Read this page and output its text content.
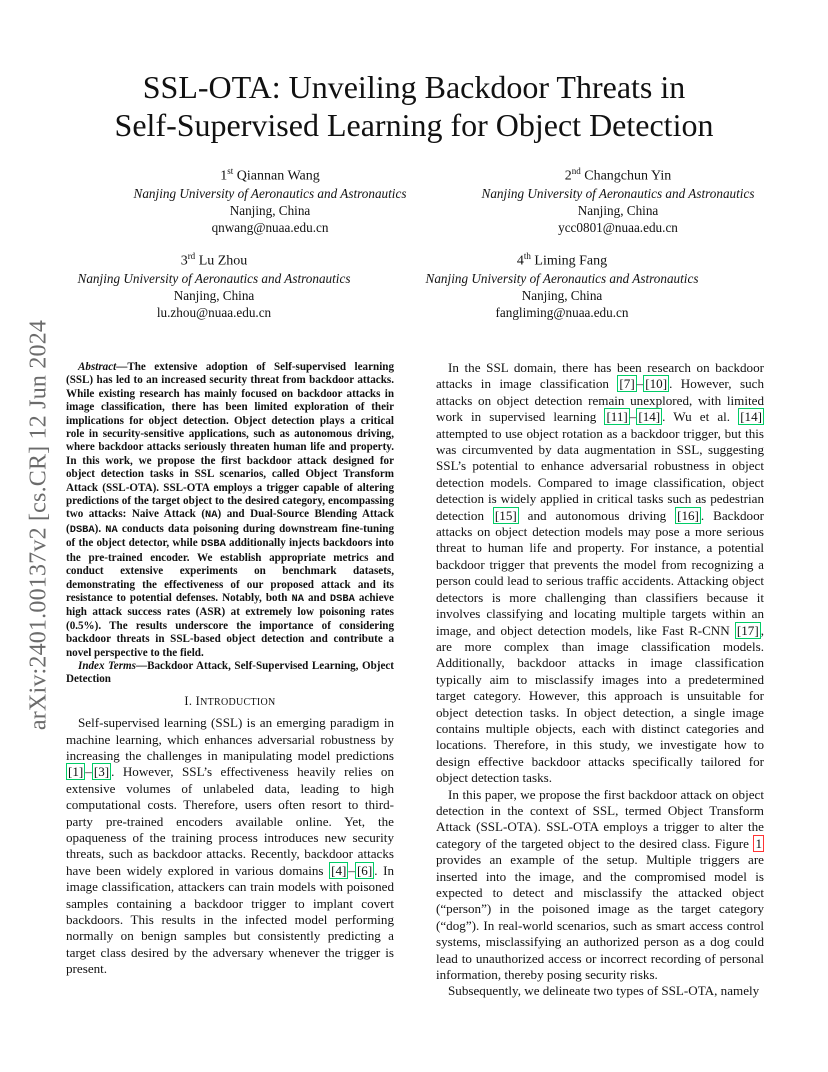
arXiv:2401.00137v2 [cs.CR] 12 Jun 2024
SSL-OTA: Unveiling Backdoor Threats in
Self-Supervised Learning for Object Detection
1st Qiannan Wang
Nanjing University of Aeronautics and Astronautics
Nanjing, China
qnwang@nuaa.edu.cn
2nd Changchun Yin
Nanjing University of Aeronautics and Astronautics
Nanjing, China
ycc0801@nuaa.edu.cn
3rd Lu Zhou
Nanjing University of Aeronautics and Astronautics
Nanjing, China
lu.zhou@nuaa.edu.cn
4th Liming Fang
Nanjing University of Aeronautics and Astronautics
Nanjing, China
fangliming@nuaa.edu.cn

Abstract—The extensive adoption of Self-supervised learning (SSL) has led to an increased security threat from backdoor attacks. While existing research has mainly focused on backdoor attacks in image classification, there has been limited exploration of their implications for object detection. Object detection plays a critical role in security-sensitive applications, such as autonomous driving, where backdoor attacks seriously threaten human life and property. In this work, we propose the first backdoor attack designed for object detection tasks in SSL scenarios, called Object Transform Attack (SSL-OTA). SSL-OTA employs a trigger capable of altering predictions of the target object to the desired category, encompassing two attacks: Naive Attack (NA) and Dual-Source Blending Attack (DSBA). NA conducts data poisoning during downstream fine-tuning of the object detector, while DSBA additionally injects backdoors into the pre-trained encoder. We establish appropriate metrics and conduct extensive experiments on benchmark datasets, demonstrating the effectiveness of our proposed attack and its resistance to potential defenses. Notably, both NA and DSBA achieve high attack success rates (ASR) at extremely low poisoning rates (0.5%). The results underscore the importance of considering backdoor threats in SSL-based object detection and contribute a novel perspective to the field.

Index Terms—Backdoor Attack, Self-Supervised Learning, Object Detection

I. INTRODUCTION

Self-supervised learning (SSL) is an emerging paradigm in machine learning, which enhances adversarial robustness by increasing the challenges in manipulating model predictions [1] – [3] . However, SSL’s effectiveness heavily relies on extensive volumes of unlabeled data, leading to high computational costs. Therefore, users often resort to third-party pre-trained encoders available online. Yet, the opaqueness of the training process introduces new security threats, such as backdoor attacks. Recently, backdoor attacks have been widely explored in various domains [4] – [6] . In image classification, attackers can train models with poisoned samples containing a backdoor trigger to implant covert backdoors. This results in the infected model performing normally on benign samples but consistently predicting a target class desired by the adversary whenever the trigger is present.

In the SSL domain, there has been research on backdoor attacks in image classification [7] – [10] . However, such attacks on object detection remain unexplored, with limited work in supervised learning [11] – [14] . Wu et al. [14] attempted to use object rotation as a backdoor trigger, but this was circumvented by data augmentation in SSL, suggesting SSL’s potential to enhance adversarial robustness in object detection models. Compared to image classification, object detection is widely applied in critical tasks such as pedestrian detection [15] and autonomous driving [16] . Backdoor attacks on object detection models may pose a more serious threat to human life and property. For instance, a potential backdoor trigger that prevents the model from recognizing a person could lead to serious traffic accidents. Attacking object detectors is more challenging than classifiers because it involves classifying and locating multiple targets within an image, and object detection models, like Fast R-CNN [17] , are more complex than image classification models. Additionally, backdoor attacks in image classification typically aim to misclassify images into a predetermined target category. However, this approach is unsuitable for object detection tasks. In object detection, a single image contains multiple objects, each with distinct categories and locations. Therefore, in this study, we investigate how to design effective backdoor attacks specifically tailored for object detection tasks.

In this paper, we propose the first backdoor attack on object detection in the context of SSL, termed Object Transform Attack (SSL-OTA). SSL-OTA employs a trigger to alter the category of the targeted object to the desired class. Figure 1 provides an example of the setup. Multiple triggers are inserted into the image, and the compromised model is expected to detect and misclassify the attacked object (“person”) in the poisoned image as the target category (“dog”). In real-world scenarios, such as smart access control systems, misclassifying an authorized person as a dog could lead to unauthorized access or incorrect recording of personal information, thereby posing security risks.

Subsequently, we delineate two types of SSL-OTA, namely
